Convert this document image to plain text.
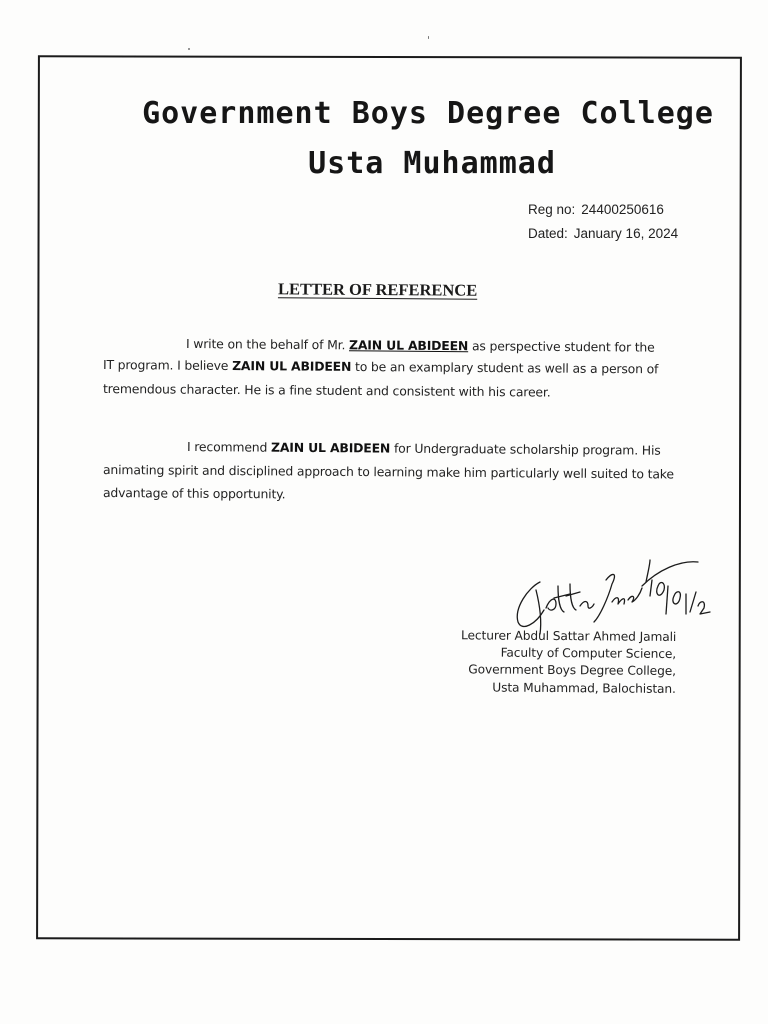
Government Boys Degree College
Usta Muhammad
Reg no: 24400250616
Dated: January 16, 2024
LETTER OF REFERENCE
I write on the behalf of Mr. ZAIN UL ABIDEEN as perspective student for the
IT program. I believe ZAIN UL ABIDEEN to be an examplary student as well as a person of
tremendous character. He is a fine student and consistent with his career.
I recommend ZAIN UL ABIDEEN for Undergraduate scholarship program. His
animating spirit and disciplined approach to learning make him particularly well suited to take
advantage of this opportunity.
16/01/24
Lecturer Abdul Sattar Ahmed Jamali
Faculty of Computer Science,
Government Boys Degree College,
Usta Muhammad, Balochistan.
